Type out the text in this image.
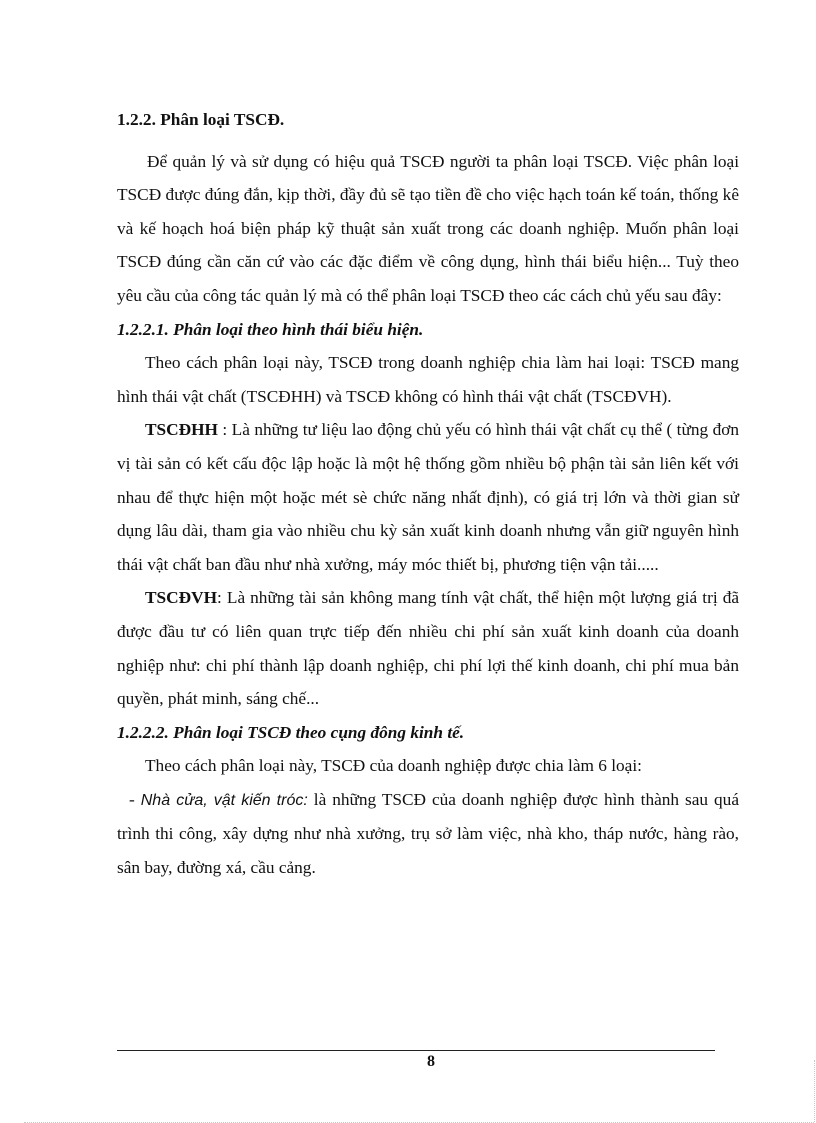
1.2.2. Phân loại TSCĐ.

Để quản lý và sử dụng có hiệu quả TSCĐ người ta phân loại TSCĐ. Việc phân loại TSCĐ được đúng đắn, kịp thời, đầy đủ sẽ tạo tiền đề cho việc hạch toán kế toán, thống kê và kế hoạch hoá biện pháp kỹ thuật sản xuất trong các doanh nghiệp. Muốn phân loại TSCĐ đúng cần căn cứ vào các đặc điểm về công dụng, hình thái biểu hiện... Tuỳ theo yêu cầu của công tác quản lý mà có thể phân loại TSCĐ theo các cách chủ yếu sau đây:

1.2.2.1. Phân loại theo hình thái biểu hiện.

Theo cách phân loại này, TSCĐ trong doanh nghiệp chia làm hai loại: TSCĐ mang hình thái vật chất (TSCĐHH) và TSCĐ không có hình thái vật chất (TSCĐVH).

TSCĐHH : Là những tư liệu lao động chủ yếu có hình thái vật chất cụ thể ( từng đơn vị tài sản có kết cấu độc lập hoặc là một hệ thống gồm nhiều bộ phận tài sản liên kết với nhau để thực hiện một hoặc mét sè chức năng nhất định), có giá trị lớn và thời gian sử dụng lâu dài, tham gia vào nhiều chu kỳ sản xuất kinh doanh nhưng vẫn giữ nguyên hình thái vật chất ban đầu như nhà xưởng, máy móc thiết bị, phương tiện vận tải.....

TSCĐVH: Là những tài sản không mang tính vật chất, thể hiện một lượng giá trị đã được đầu tư có liên quan trực tiếp đến nhiều chi phí sản xuất kinh doanh của doanh nghiệp như: chi phí thành lập doanh nghiệp, chi phí lợi thế kinh doanh, chi phí mua bản quyền, phát minh, sáng chế...

1.2.2.2. Phân loại TSCĐ theo cụng đông kinh tế.

Theo cách phân loại này, TSCĐ của doanh nghiệp được chia làm 6 loại:

- Nhà cửa, vật kiến tróc: là những TSCĐ của doanh nghiệp được hình thành sau quá trình thi công, xây dựng như nhà xưởng, trụ sở làm việc, nhà kho, tháp nước, hàng rào, sân bay, đường xá, cầu cảng.

8
